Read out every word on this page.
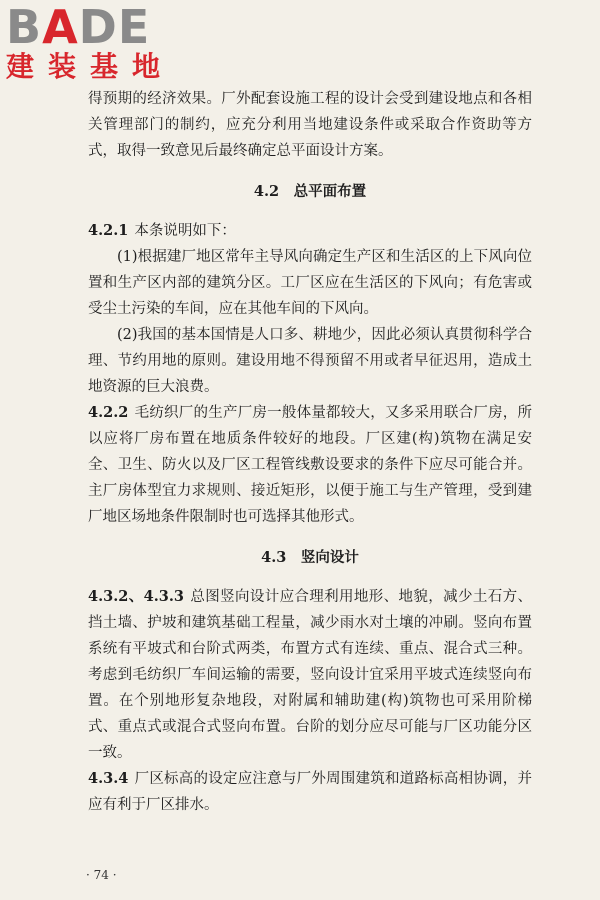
BADE
建装基地

得预期的经济效果。厂外配套设施工程的设计会受到建设地点和各相关管理部门的制约，应充分利用当地建设条件或采取合作资助等方式，取得一致意见后最终确定总平面设计方案。

4.2　总平面布置

4.2.1 本条说明如下：

(1)根据建厂地区常年主导风向确定生产区和生活区的上下风向位置和生产区内部的建筑分区。工厂区应在生活区的下风向；有危害或受尘土污染的车间，应在其他车间的下风向。

(2)我国的基本国情是人口多、耕地少，因此必须认真贯彻科学合理、节约用地的原则。建设用地不得预留不用或者早征迟用，造成土地资源的巨大浪费。

4.2.2 毛纺织厂的生产厂房一般体量都较大，又多采用联合厂房，所以应将厂房布置在地质条件较好的地段。厂区建(构)筑物在满足安全、卫生、防火以及厂区工程管线敷设要求的条件下应尽可能合并。主厂房体型宜力求规则、接近矩形，以便于施工与生产管理，受到建厂地区场地条件限制时也可选择其他形式。

4.3　竖向设计

4.3.2、4.3.3 总图竖向设计应合理利用地形、地貌，减少土石方、挡土墙、护坡和建筑基础工程量，减少雨水对土壤的冲刷。竖向布置系统有平坡式和台阶式两类，布置方式有连续、重点、混合式三种。考虑到毛纺织厂车间运输的需要，竖向设计宜采用平坡式连续竖向布置。在个别地形复杂地段，对附属和辅助建(构)筑物也可采用阶梯式、重点式或混合式竖向布置。台阶的划分应尽可能与厂区功能分区一致。

4.3.4 厂区标高的设定应注意与厂外周围建筑和道路标高相协调，并应有利于厂区排水。

· 74 ·
